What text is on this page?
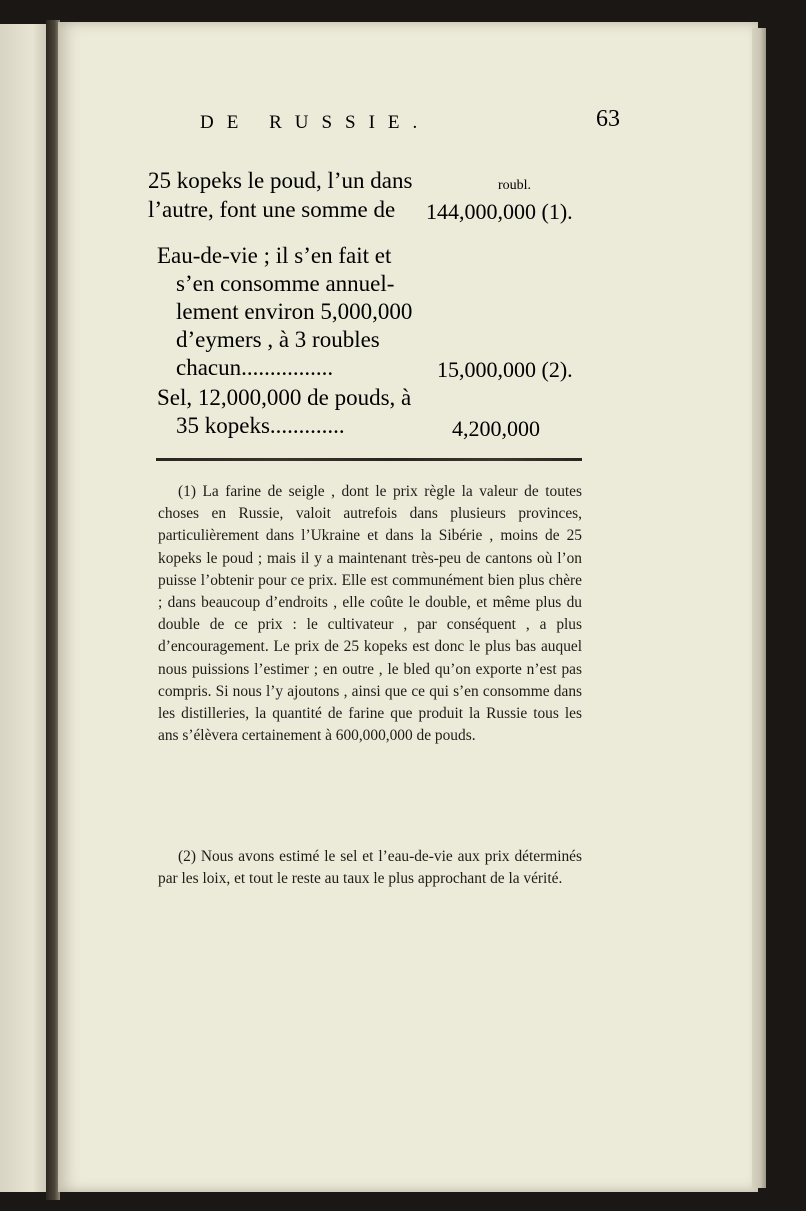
DE RUSSIE.	63
25 kopeks le poud, l’un dans	roubl.
l’autre, font une somme de 144,000,000 (1).
Eau-de-vie ; il s’en fait et
s’en consomme annuel-
lement environ 5,000,000
d’eymers , à 3 roubles
chacun................	15,000,000 (2).
Sel, 12,000,000 de pouds, à
35 kopeks.............	4,200,000

(1) La farine de seigle , dont le prix règle la valeur de toutes choses en Russie, valoit autrefois dans plusieurs provinces, particulièrement dans l’Ukraine et dans la Sibérie , moins de 25 kopeks le poud ; mais il y a maintenant très-peu de cantons où l’on puisse l’obtenir pour ce prix. Elle est communément bien plus chère ; dans beaucoup d’endroits , elle coûte le double, et même plus du double de ce prix : le cultivateur , par conséquent , a plus d’encouragement. Le prix de 25 kopeks est donc le plus bas auquel nous puissions l’estimer ; en outre , le bled qu’on exporte n’est pas compris. Si nous l’y ajoutons , ainsi que ce qui s’en consomme dans les distilleries, la quantité de farine que produit la Russie tous les ans s’élèvera certainement à 600,000,000 de pouds.

(2) Nous avons estimé le sel et l’eau-de-vie aux prix déterminés par les loix, et tout le reste au taux le plus approchant de la vérité.
